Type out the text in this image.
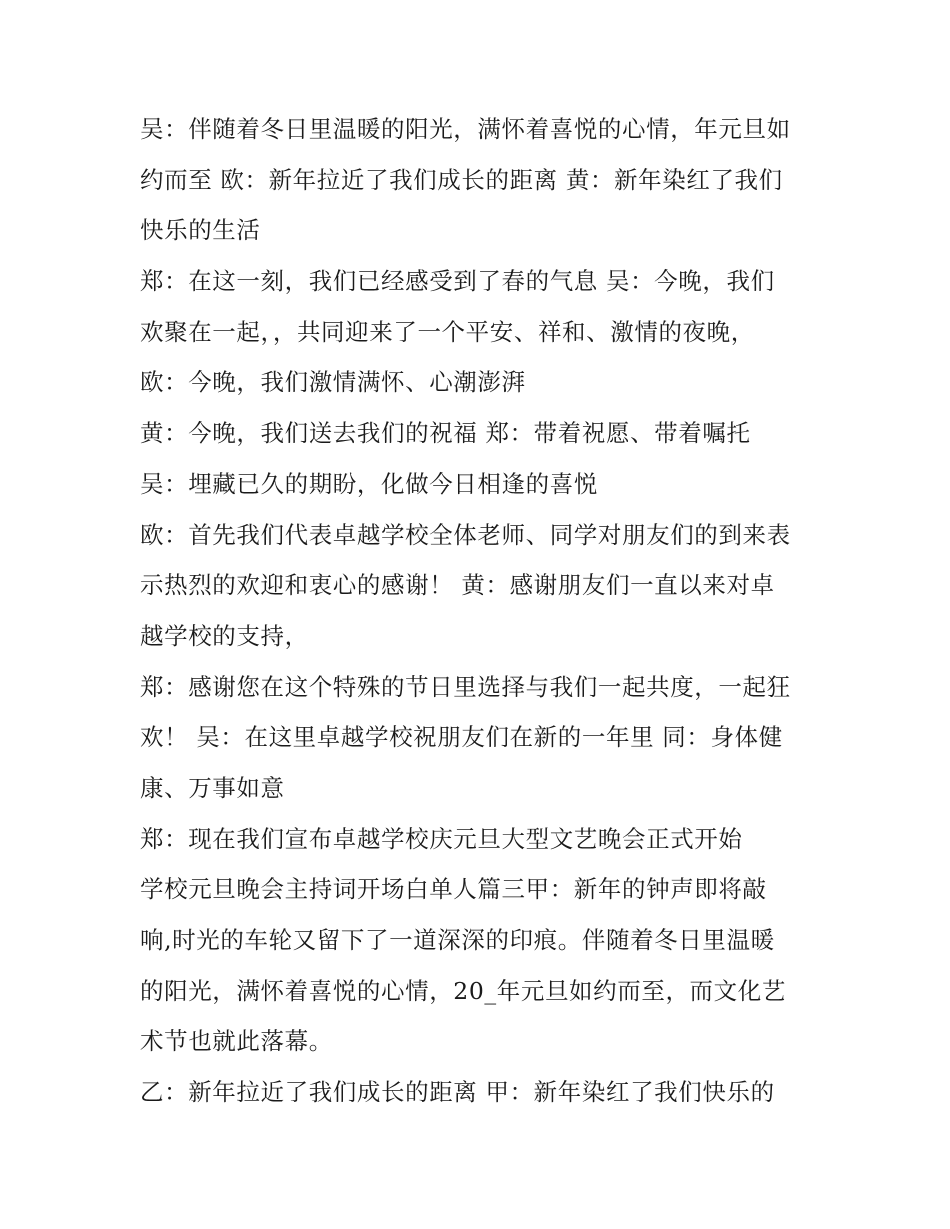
吴：伴随着冬日里温暖的阳光，满怀着喜悦的心情，年元旦如
约而至 欧：新年拉近了我们成长的距离 黄：新年染红了我们
快乐的生活
郑：在这一刻，我们已经感受到了春的气息 吴：今晚，我们
欢聚在一起，，共同迎来了一个平安、祥和、激情的夜晚，
欧：今晚，我们激情满怀、心潮澎湃
黄：今晚，我们送去我们的祝福 郑：带着祝愿、带着嘱托
吴：埋藏已久的期盼，化做今日相逢的喜悦
欧：首先我们代表卓越学校全体老师、同学对朋友们的到来表
示热烈的欢迎和衷心的感谢！ 黄：感谢朋友们一直以来对卓
越学校的支持，
郑：感谢您在这个特殊的节日里选择与我们一起共度，一起狂
欢！ 吴：在这里卓越学校祝朋友们在新的一年里 同：身体健
康、万事如意
郑：现在我们宣布卓越学校庆元旦大型文艺晚会正式开始
学校元旦晚会主持词开场白单人篇三甲：新年的钟声即将敲
响,时光的车轮又留下了一道深深的印痕。伴随着冬日里温暖
的阳光，满怀着喜悦的心情，20_年元旦如约而至，而文化艺
术节也就此落幕。
乙：新年拉近了我们成长的距离 甲：新年染红了我们快乐的
